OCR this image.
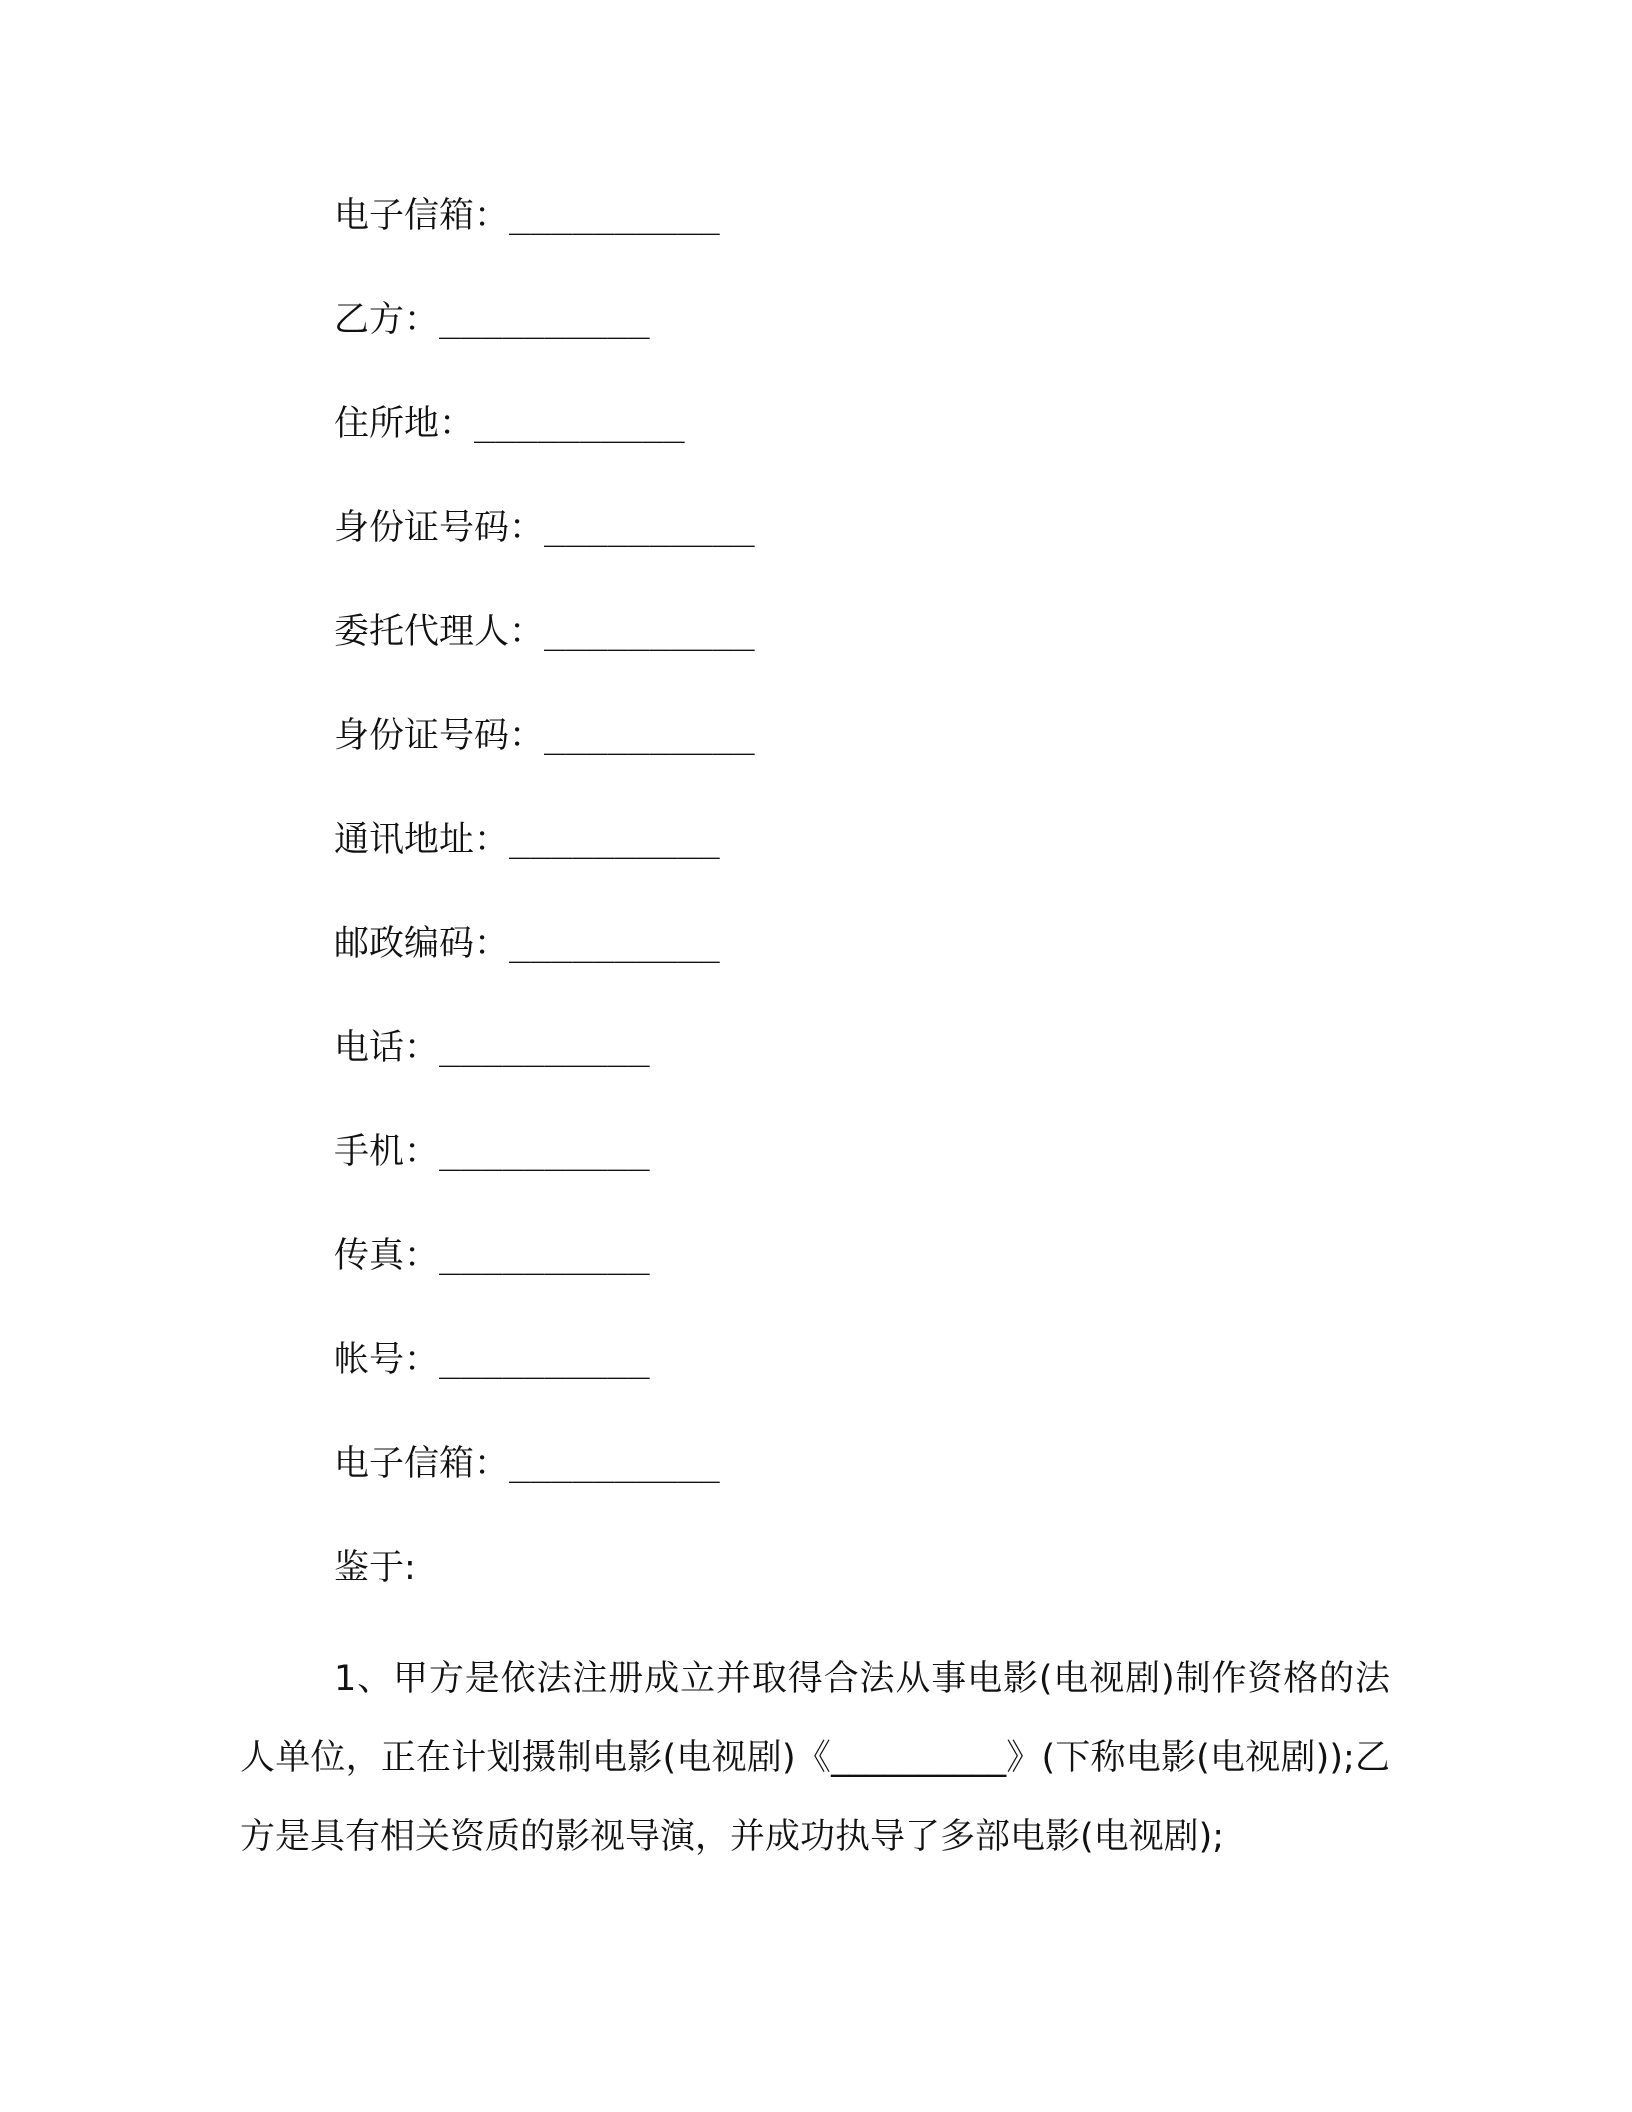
电子信箱：__________
乙方：__________
住所地：__________
身份证号码：__________
委托代理人：__________
身份证号码：__________
通讯地址：__________
邮政编码：__________
电话：__________
手机：__________
传真：__________
帐号：__________
电子信箱：__________
鉴于:

1、甲方是依法注册成立并取得合法从事电影(电视剧)制作资格的法人单位，正在计划摄制电影(电视剧)《__________》(下称电影(电视剧));乙方是具有相关资质的影视导演，并成功执导了多部电影(电视剧);
